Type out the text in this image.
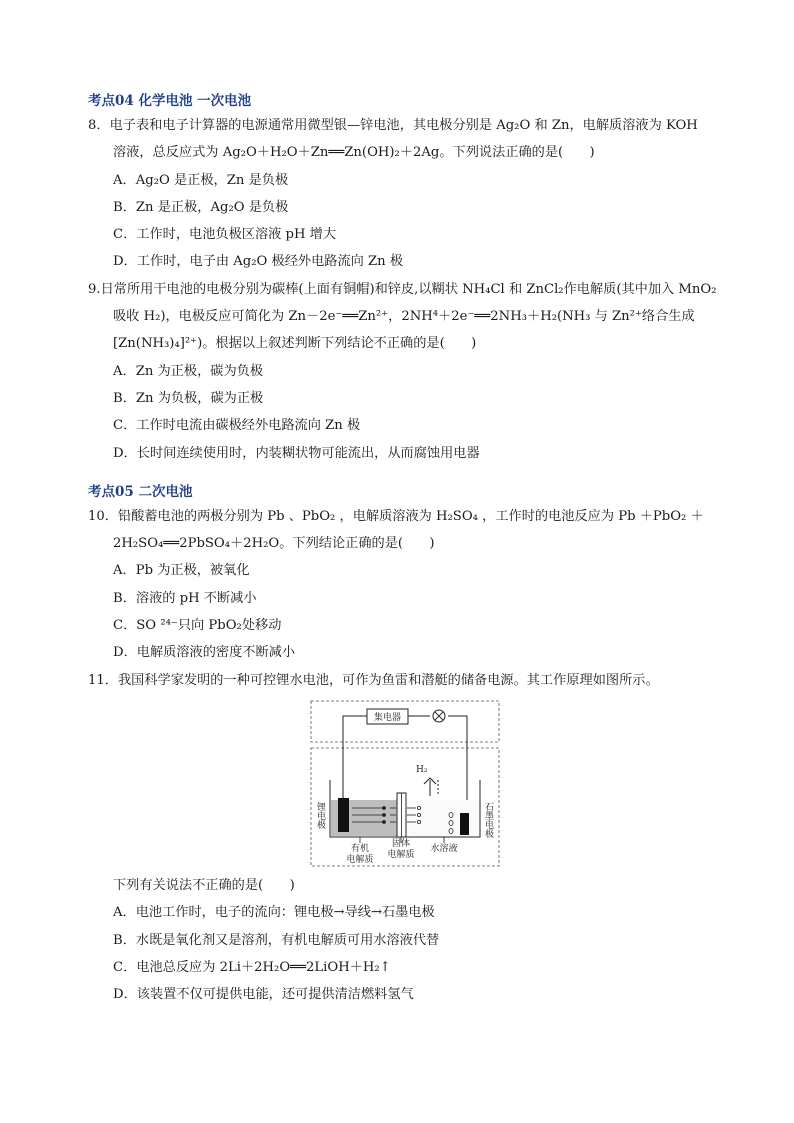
考点04 化学电池 一次电池
8．电子表和电子计算器的电源通常用微型银—锌电池，其电极分别是 Ag₂O 和 Zn，电解质溶液为 KOH
溶液，总反应式为 Ag₂O＋H₂O＋Zn══Zn(OH)₂＋2Ag。下列说法正确的是(　　)
A．Ag₂O 是正极，Zn 是负极
B．Zn 是正极，Ag₂O 是负极
C．工作时，电池负极区溶液 pH 增大
D．工作时，电子由 Ag₂O 极经外电路流向 Zn 极
9.日常所用干电池的电极分别为碳棒(上面有铜帽)和锌皮,以糊状 NH₄Cl 和 ZnCl₂作电解质(其中加入 MnO₂
吸收 H₂)，电极反应可简化为 Zn－2e⁻══Zn²⁺，2NH⁴＋2e⁻══2NH₃＋H₂(NH₃ 与 Zn²⁺络合生成
[Zn(NH₃)₄]²⁺)。根据以上叙述判断下列结论不正确的是(　　)
A．Zn 为正极，碳为负极
B．Zn 为负极，碳为正极
C．工作时电流由碳极经外电路流向 Zn 极
D．长时间连续使用时，内装糊状物可能流出，从而腐蚀用电器
考点05 二次电池
10．铅酸蓄电池的两极分别为 Pb 、PbO₂ ，电解质溶液为 H₂SO₄ ，工作时的电池反应为 Pb ＋PbO₂ ＋
2H₂SO₄══2PbSO₄＋2H₂O。下列结论正确的是(　　)
A．Pb 为正极，被氧化
B．溶液的 pH 不断减小
C．SO ²⁴⁻只向 PbO₂处移动
D．电解质溶液的密度不断减小
11．我国科学家发明的一种可控锂水电池，可作为鱼雷和潜艇的储备电源。其工作原理如图所示。
集电器
H₂
锂电极	石墨电极
有机
电解质
固体
电解质
水溶液
下列有关说法不正确的是(　　)
A．电池工作时，电子的流向：锂电极→导线→石墨电极
B．水既是氧化剂又是溶剂，有机电解质可用水溶液代替
C．电池总反应为 2Li＋2H₂O══2LiOH＋H₂↑
D．该装置不仅可提供电能，还可提供清洁燃料氢气
